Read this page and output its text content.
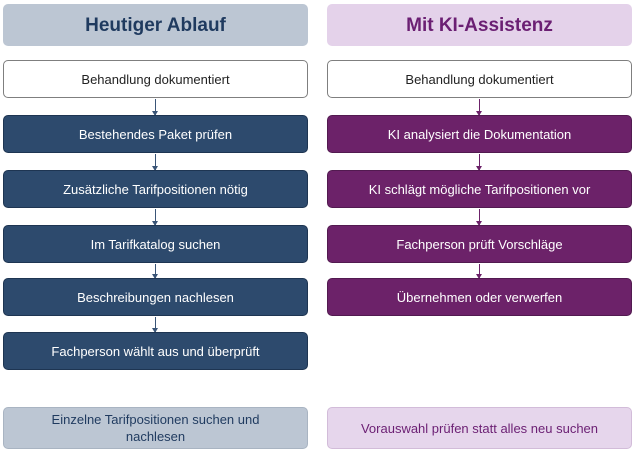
Heutiger Ablauf
Behandlung dokumentiert
Bestehendes Paket prüfen
Zusätzliche Tarifpositionen nötig
Im Tarifkatalog suchen
Beschreibungen nachlesen
Fachperson wählt aus und überprüft
Einzelne Tarifpositionen suchen und nachlesen
Mit KI-Assistenz
Behandlung dokumentiert
KI analysiert die Dokumentation
KI schlägt mögliche Tarifpositionen vor
Fachperson prüft Vorschläge
Übernehmen oder verwerfen
Vorauswahl prüfen statt alles neu suchen
